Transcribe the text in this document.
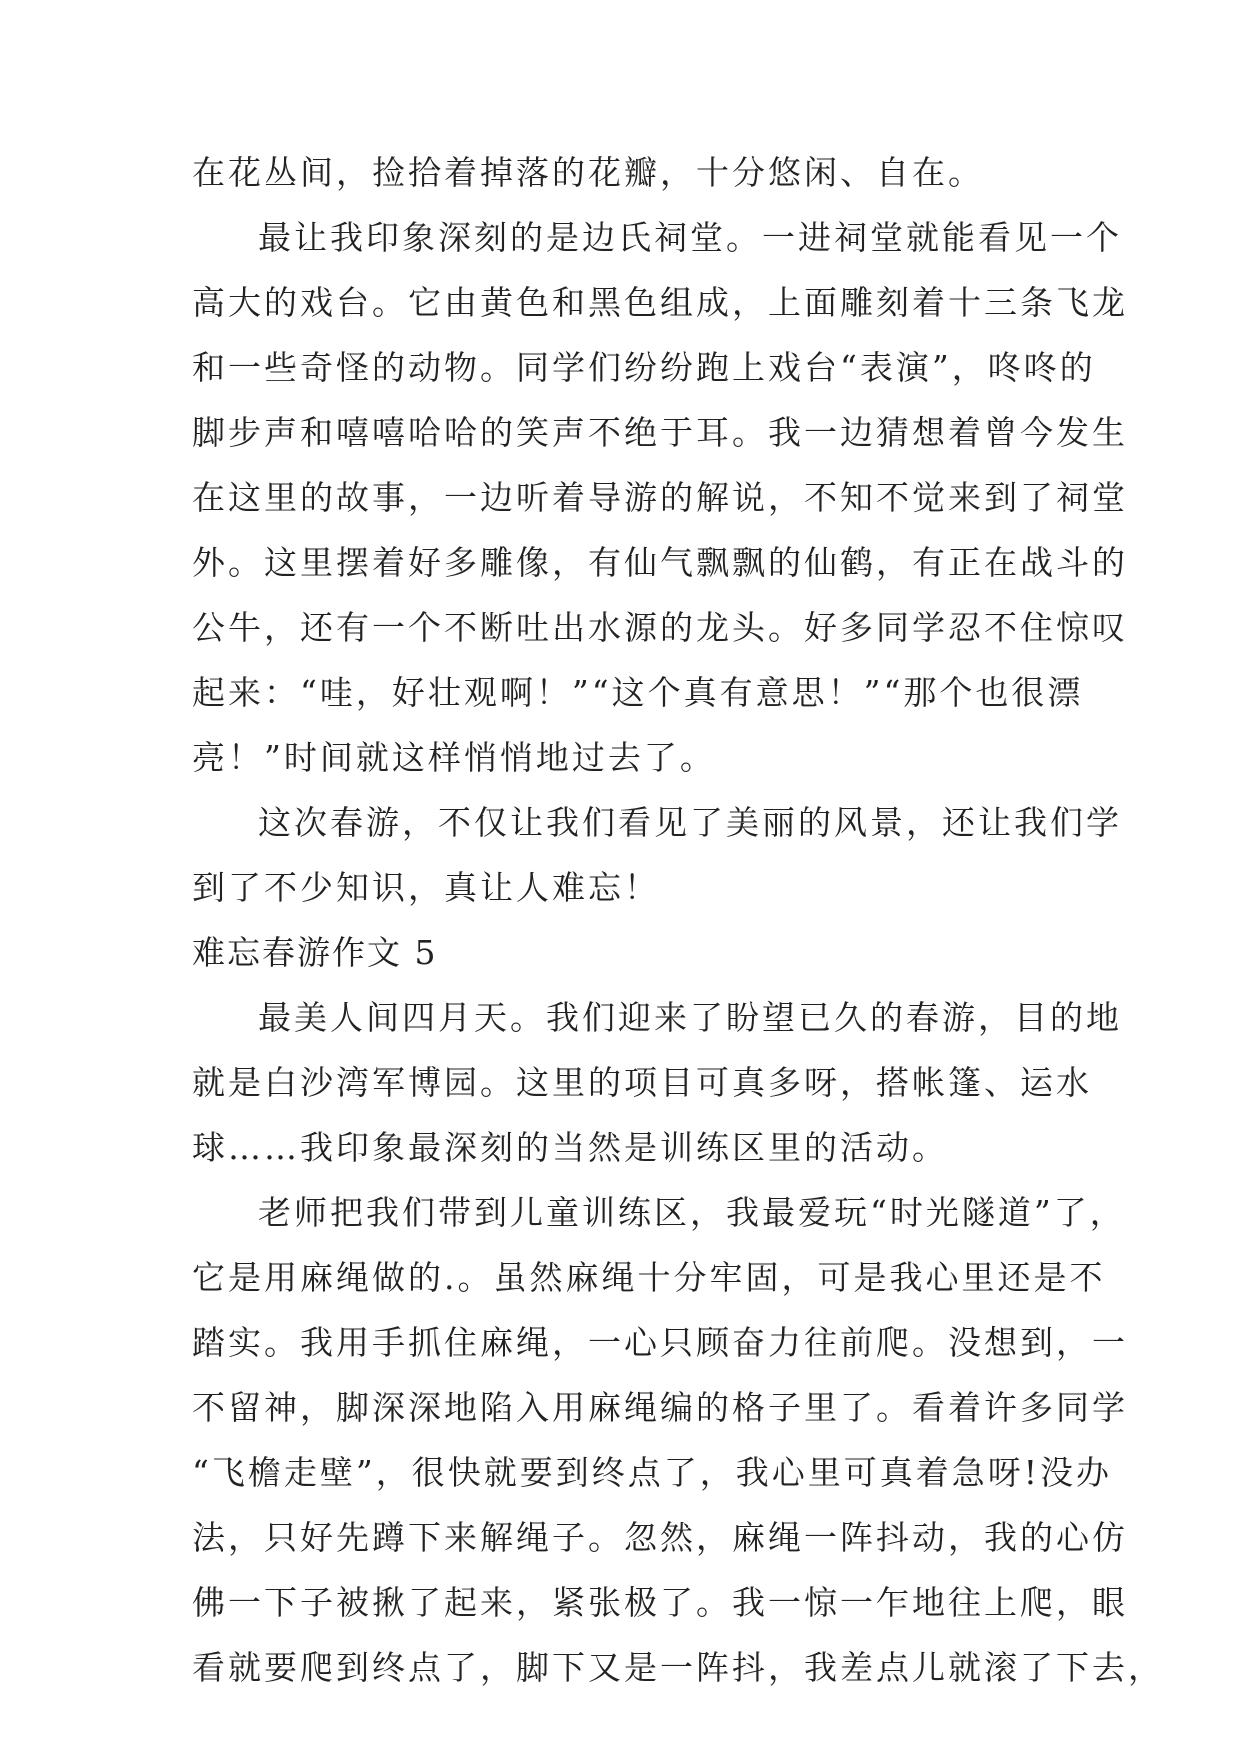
在花丛间，捡拾着掉落的花瓣，十分悠闲、自在。
最让我印象深刻的是边氏祠堂。一进祠堂就能看见一个
高大的戏台。它由黄色和黑色组成，上面雕刻着十三条飞龙
和一些奇怪的动物。同学们纷纷跑上戏台“表演”，咚咚的
脚步声和嘻嘻哈哈的笑声不绝于耳。我一边猜想着曾今发生
在这里的故事，一边听着导游的解说，不知不觉来到了祠堂
外。这里摆着好多雕像，有仙气飘飘的仙鹤，有正在战斗的
公牛，还有一个不断吐出水源的龙头。好多同学忍不住惊叹
起来：“哇，好壮观啊！”“这个真有意思！”“那个也很漂
亮！”时间就这样悄悄地过去了。
这次春游，不仅让我们看见了美丽的风景，还让我们学
到了不少知识，真让人难忘！
难忘春游作文 5
最美人间四月天。我们迎来了盼望已久的春游，目的地
就是白沙湾军博园。这里的项目可真多呀，搭帐篷、运水
球……我印象最深刻的当然是训练区里的活动。
老师把我们带到儿童训练区，我最爱玩“时光隧道”了，
它是用麻绳做的.。虽然麻绳十分牢固，可是我心里还是不
踏实。我用手抓住麻绳，一心只顾奋力往前爬。没想到，一
不留神，脚深深地陷入用麻绳编的格子里了。看着许多同学
“飞檐走壁”，很快就要到终点了，我心里可真着急呀!没办
法，只好先蹲下来解绳子。忽然，麻绳一阵抖动，我的心仿
佛一下子被揪了起来，紧张极了。我一惊一乍地往上爬，眼
看就要爬到终点了，脚下又是一阵抖，我差点儿就滚了下去，
